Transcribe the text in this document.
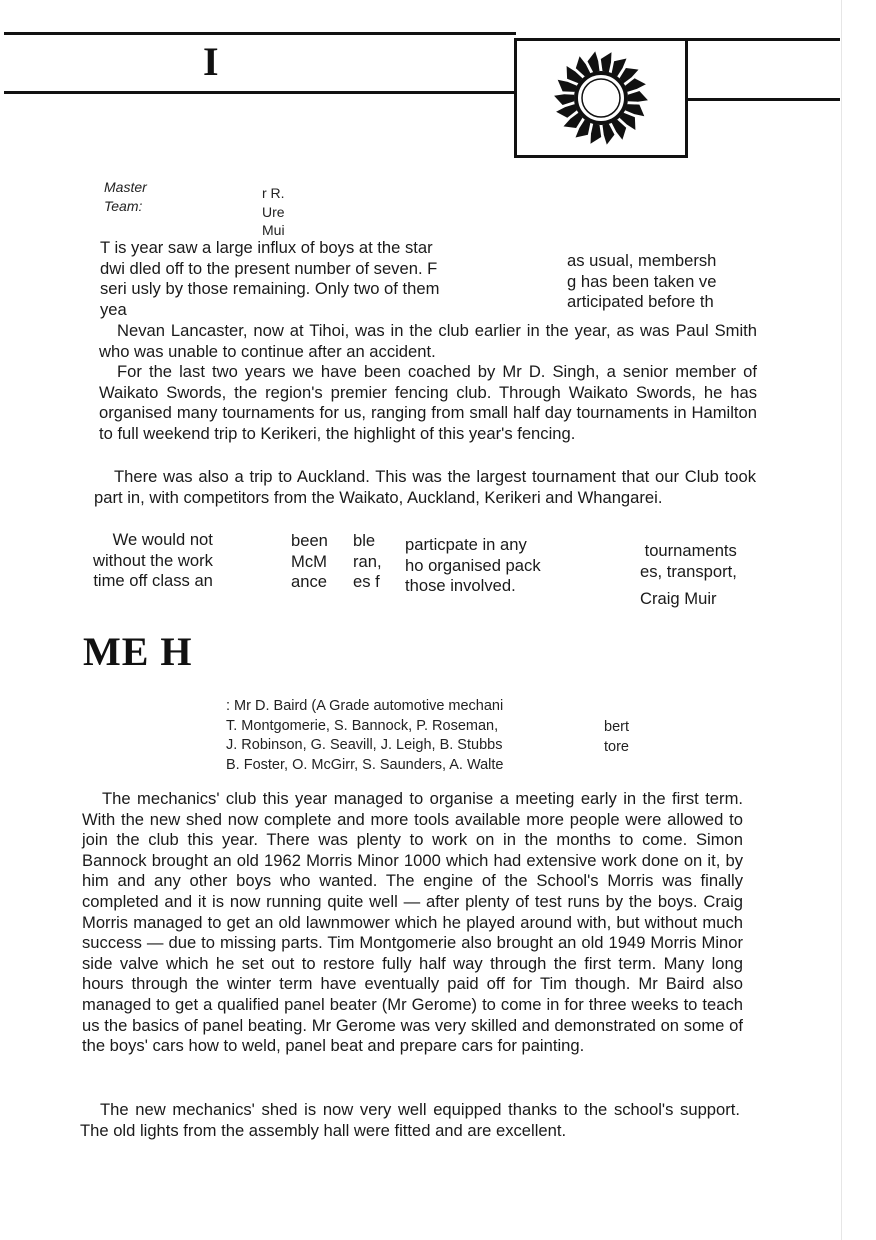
I
Master
Team:
r R.
Ure
Mui
T is year saw a large influx of boys at the star
dwi dled off to the present number of seven. F
seri usly by those remaining. Only two of them
yea
as usual, membersh
g has been taken ve
articipated before th
Nevan Lancaster, now at Tihoi, was in the club earlier in the year, as was Paul Smith who was unable to continue after an accident.
For the last two years we have been coached by Mr D. Singh, a senior member of Waikato Swords, the region's premier fencing club. Through Waikato Swords, he has organised many tournaments for us, ranging from small half day tournaments in Hamilton to full weekend trip to Kerikeri, the highlight of this year's fencing.
There was also a trip to Auckland. This was the largest tournament that our Club took part in, with competitors from the Waikato, Auckland, Kerikeri and Whangarei.
We would not
without the work
time off class an
been
McM
ance
ble
ran,
es f
particpate in any
ho organised pack
those involved.
tournaments
es, transport,
Craig Muir
ME H
: Mr D. Baird (A Grade automotive mechani
T. Montgomerie, S. Bannock, P. Roseman,
J. Robinson, G. Seavill, J. Leigh, B. Stubbs
B. Foster, O. McGirr, S. Saunders, A. Walte
bert
tore
The mechanics' club this year managed to organise a meeting early in the first term. With the new shed now complete and more tools available more people were allowed to join the club this year. There was plenty to work on in the months to come. Simon Bannock brought an old 1962 Morris Minor 1000 which had extensive work done on it, by him and any other boys who wanted. The engine of the School's Morris was finally completed and it is now running quite well — after plenty of test runs by the boys. Craig Morris managed to get an old lawnmower which he played around with, but without much success — due to missing parts. Tim Montgomerie also brought an old 1949 Morris Minor side valve which he set out to restore fully half way through the first term. Many long hours through the winter term have eventually paid off for Tim though. Mr Baird also managed to get a qualified panel beater (Mr Gerome) to come in for three weeks to teach us the basics of panel beating. Mr Gerome was very skilled and demonstrated on some of the boys' cars how to weld, panel beat and prepare cars for painting.
The new mechanics' shed is now very well equipped thanks to the school's support. The old lights from the assembly hall were fitted and are excellent.
